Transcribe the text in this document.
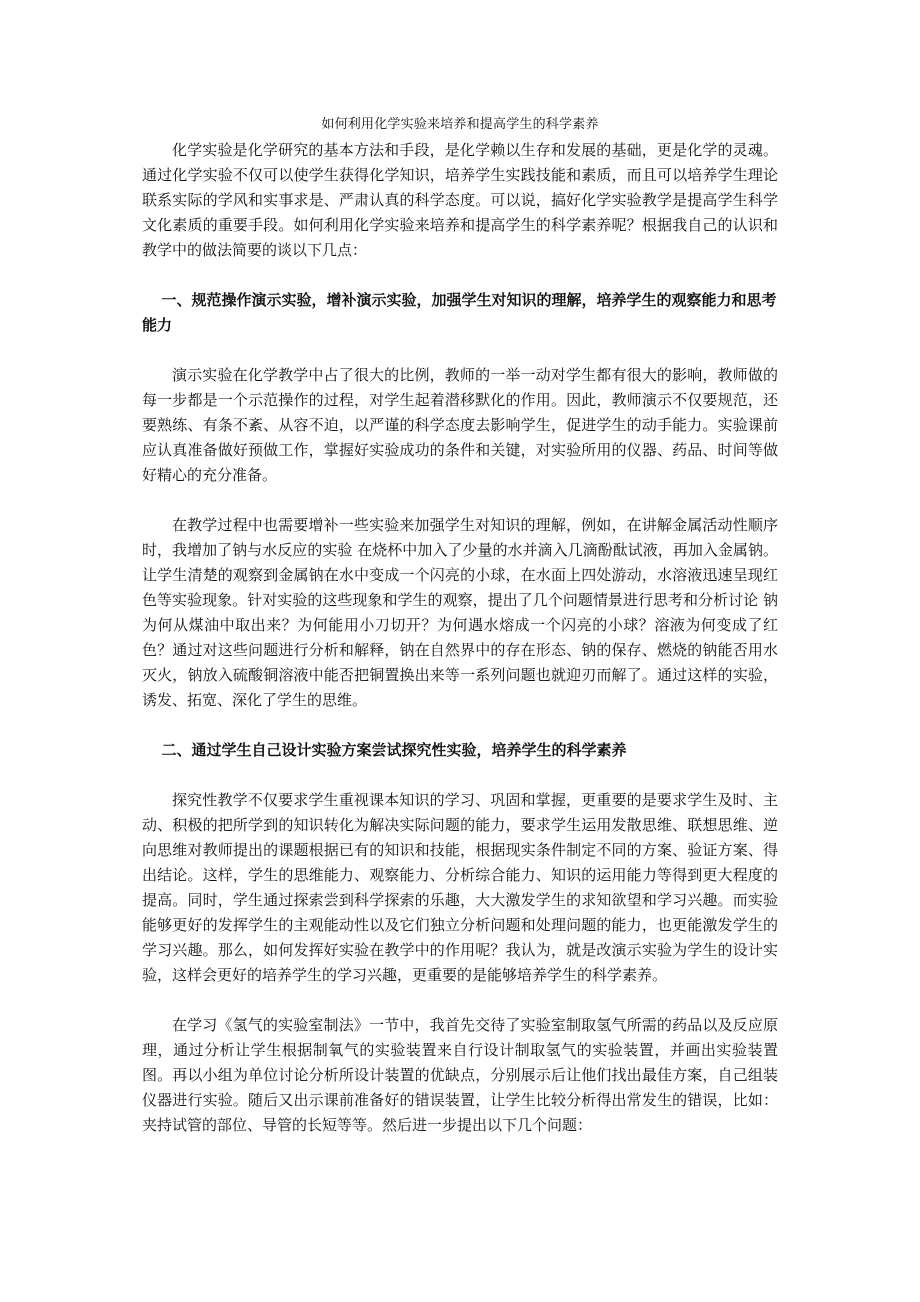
如何利用化学实验来培养和提高学生的科学素养

化学实验是化学研究的基本方法和手段，是化学赖以生存和发展的基础，更是化学的灵魂。通过化学实验不仅可以使学生获得化学知识，培养学生实践技能和素质，而且可以培养学生理论联系实际的学风和实事求是、严肃认真的科学态度。可以说，搞好化学实验教学是提高学生科学文化素质的重要手段。如何利用化学实验来培养和提高学生的科学素养呢？根据我自己的认识和教学中的做法简要的谈以下几点：

一、规范操作演示实验，增补演示实验，加强学生对知识的理解，培养学生的观察能力和思考能力

演示实验在化学教学中占了很大的比例，教师的一举一动对学生都有很大的影响，教师做的每一步都是一个示范操作的过程，对学生起着潜移默化的作用。因此，教师演示不仅要规范，还要熟练、有条不紊、从容不迫，以严谨的科学态度去影响学生，促进学生的动手能力。实验课前应认真准备做好预做工作，掌握好实验成功的条件和关键，对实验所用的仪器、药品、时间等做好精心的充分准备。

在教学过程中也需要增补一些实验来加强学生对知识的理解，例如，在讲解金属活动性顺序时，我增加了钠与水反应的实验 在烧杯中加入了少量的水并滴入几滴酚酞试液，再加入金属钠。让学生清楚的观察到金属钠在水中变成一个闪亮的小球，在水面上四处游动，水溶液迅速呈现红色等实验现象。针对实验的这些现象和学生的观察，提出了几个问题情景进行思考和分析讨论 钠为何从煤油中取出来？为何能用小刀切开？为何遇水熔成一个闪亮的小球？溶液为何变成了红色？通过对这些问题进行分析和解释，钠在自然界中的存在形态、钠的保存、燃烧的钠能否用水灭火，钠放入硫酸铜溶液中能否把铜置换出来等一系列问题也就迎刃而解了。通过这样的实验，诱发、拓宽、深化了学生的思维。

二、通过学生自己设计实验方案尝试探究性实验，培养学生的科学素养

探究性教学不仅要求学生重视课本知识的学习、巩固和掌握，更重要的是要求学生及时、主动、积极的把所学到的知识转化为解决实际问题的能力，要求学生运用发散思维、联想思维、逆向思维对教师提出的课题根据已有的知识和技能，根据现实条件制定不同的方案、验证方案、得出结论。这样，学生的思维能力、观察能力、分析综合能力、知识的运用能力等得到更大程度的提高。同时，学生通过探索尝到科学探索的乐趣，大大激发学生的求知欲望和学习兴趣。而实验能够更好的发挥学生的主观能动性以及它们独立分析问题和处理问题的能力，也更能激发学生的学习兴趣。那么，如何发挥好实验在教学中的作用呢？我认为，就是改演示实验为学生的设计实验，这样会更好的培养学生的学习兴趣，更重要的是能够培养学生的科学素养。

在学习《氢气的实验室制法》一节中，我首先交待了实验室制取氢气所需的药品以及反应原理，通过分析让学生根据制氧气的实验装置来自行设计制取氢气的实验装置，并画出实验装置图。再以小组为单位讨论分析所设计装置的优缺点，分别展示后让他们找出最佳方案，自己组装仪器进行实验。随后又出示课前准备好的错误装置，让学生比较分析得出常发生的错误，比如：夹持试管的部位、导管的长短等等。然后进一步提出以下几个问题：
